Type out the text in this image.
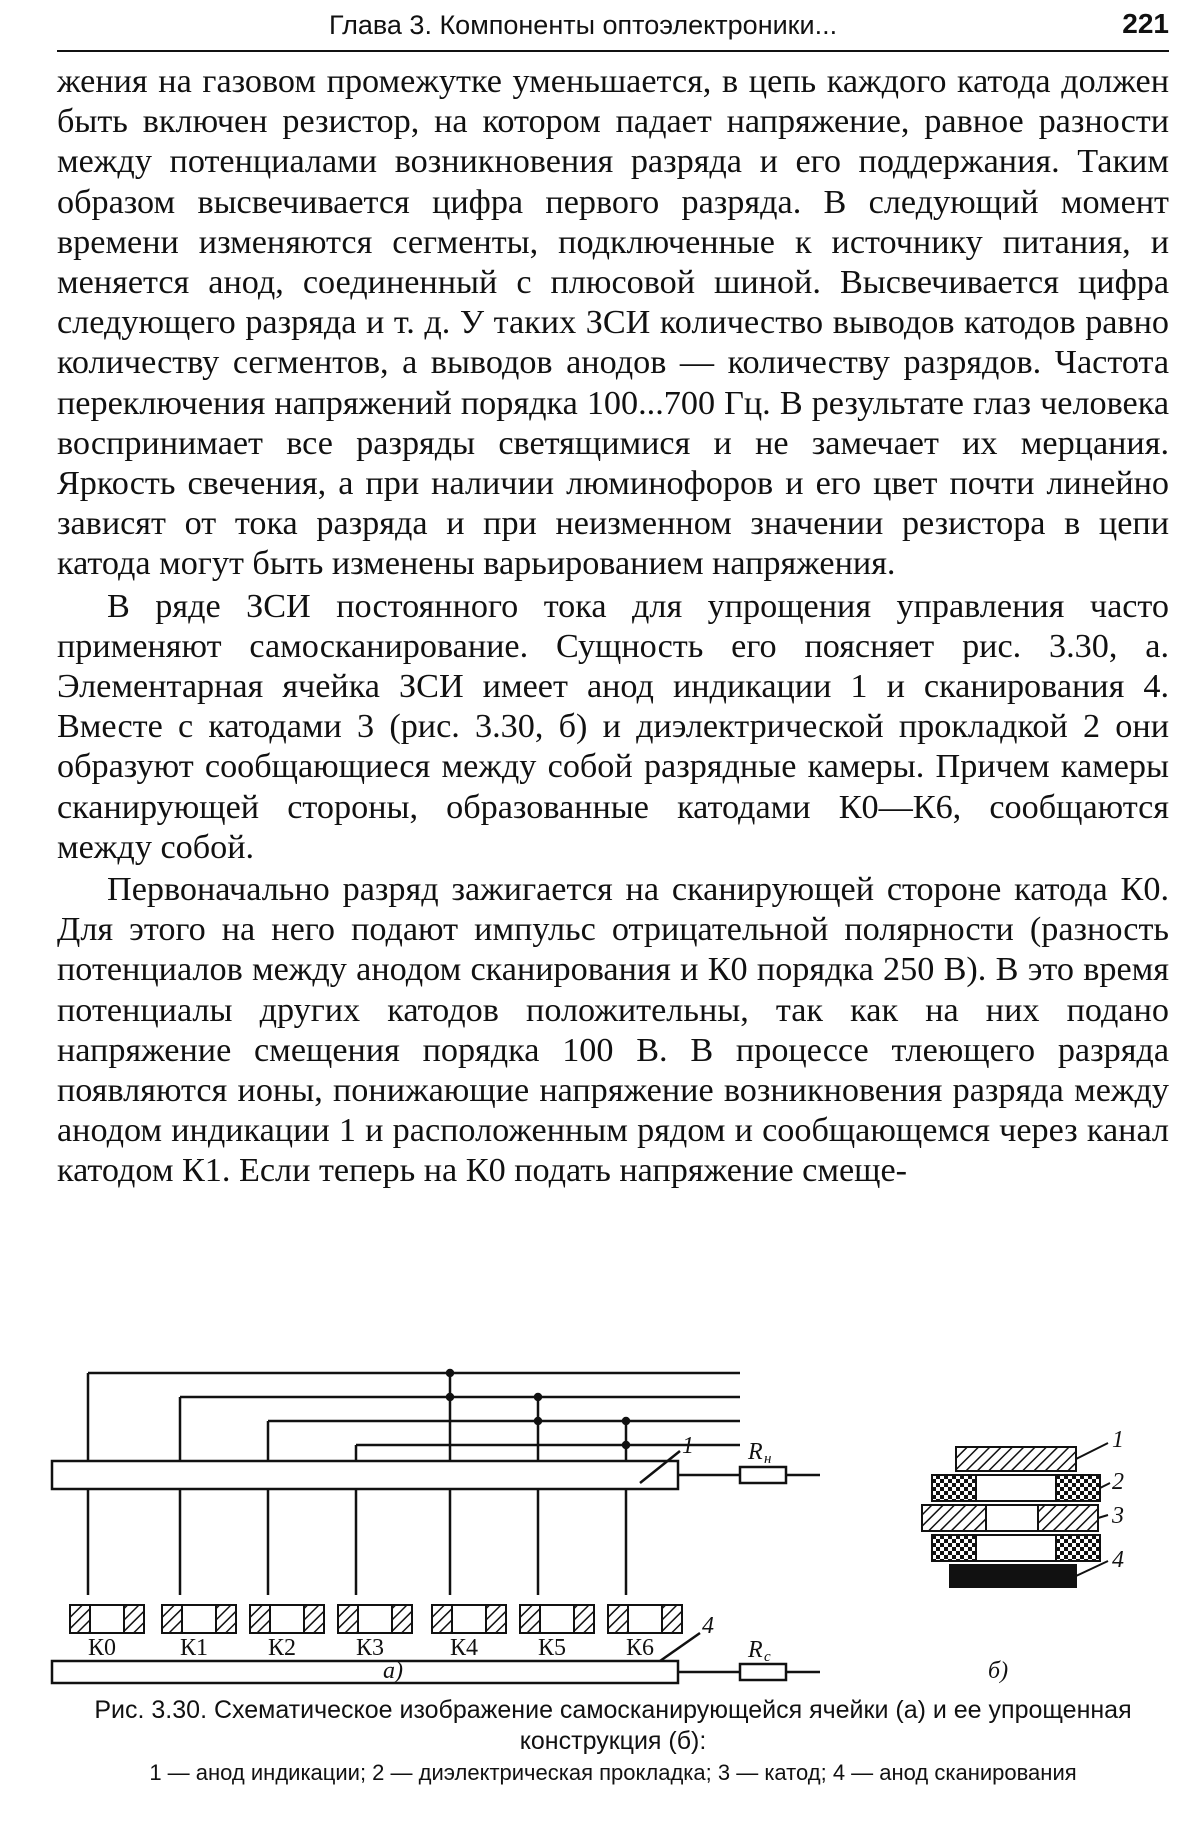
Глава 3. Компоненты оптоэлектроники...	221

жения на газовом промежутке уменьшается, в цепь каждого катода должен быть включен резистор, на котором падает напряжение, равное разности между потенциалами возникновения разряда и его поддержания. Таким образом высвечивается цифра первого разряда. В следующий момент времени изменяются сегменты, подключенные к источнику питания, и меняется анод, соединенный с плюсовой шиной. Высвечивается цифра следующего разряда и т. д. У таких ЗСИ количество выводов катодов равно количеству сегментов, а выводов анодов — количеству разрядов. Частота переключения напряжений порядка 100...700 Гц. В результате глаз человека воспринимает все разряды светящимися и не замечает их мерцания. Яркость свечения, а при наличии люминофоров и его цвет почти линейно зависят от тока разряда и при неизменном значении резистора в цепи катода могут быть изменены варьированием напряжения.

В ряде ЗСИ постоянного тока для упрощения управления часто применяют самосканирование. Сущность его поясняет рис. 3.30, а. Элементарная ячейка ЗСИ имеет анод индикации 1 и сканирования 4. Вместе с катодами 3 (рис. 3.30, б) и диэлектрической прокладкой 2 они образуют сообщающиеся между собой разрядные камеры. Причем камеры сканирующей стороны, образованные катодами К0—К6, сообщаются между собой.

Первоначально разряд зажигается на сканирующей стороне катода К0. Для этого на него подают импульс отрицательной полярности (разность потенциалов между анодом сканирования и К0 порядка 250 В). В это время потенциалы других катодов положительны, так как на них подано напряжение смещения порядка 100 В. В процессе тлеющего разряда появляются ионы, понижающие напряжение возникновения разряда между анодом индикации 1 и расположенным рядом и сообщающемся через канал катодом К1. Если теперь на К0 подать напряжение смеще-

К0	К1 К2 К3	К4 К5 К6
1
4
R н
R с
1
2
3
4
а)	б)
Рис. 3.30. Схематическое изображение самосканирующейся ячейки (а) и ее упрощенная конструкция (б):
1 — анод индикации; 2 — диэлектрическая прокладка; 3 — катод; 4 — анод сканирования
